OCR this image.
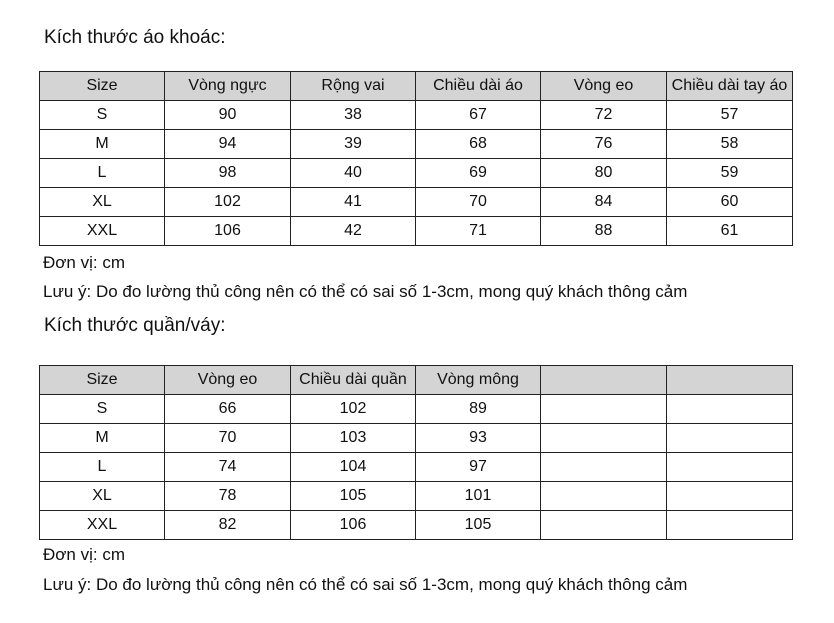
Kích thước áo khoác:
Size	Vòng ngực	Rộng vai	Chiều dài áo	Vòng eo	Chiều dài tay áo
S	90	38	67	72	57
M	94	39	68	76	58
L	98	40	69	80	59
XL	102	41	70	84	60
XXL	106	42	71	88	61
Đơn vị: cm
Lưu ý: Do đo lường thủ công nên có thể có sai số 1-3cm, mong quý khách thông cảm
Kích thước quần/váy:
Size	Vòng eo	Chiều dài quần	Vòng mông		
S	66	102	89		
M	70	103	93		
L	74	104	97		
XL	78	105	101		
XXL	82	106	105		
Đơn vị: cm
Lưu ý: Do đo lường thủ công nên có thể có sai số 1-3cm, mong quý khách thông cảm
